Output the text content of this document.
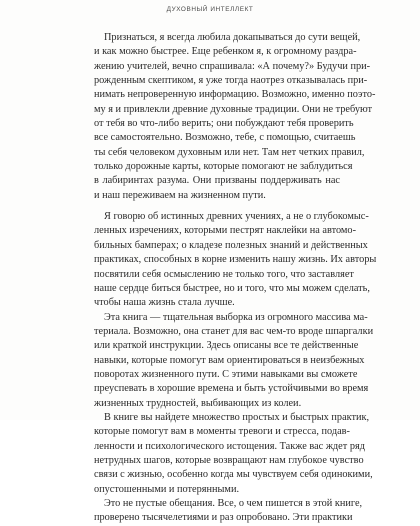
ДУХОВНЫЙ ИНТЕЛЛЕКТ
Признаться, я всегда любила докапываться до сути вещей,
и как можно быстрее. Еще ребенком я, к огромному раздра-
жению учителей, вечно спрашивала: «А почему?» Будучи при-
рожденным скептиком, я уже тогда наотрез отказывалась при-
нимать непроверенную информацию. Возможно, именно поэто-
му я и привлекли древние духовные традиции. Они не требуют
от тебя во что-либо верить; они побуждают тебя проверить
все самостоятельно. Возможно, тебе, с помощью, считаешь
ты себя человеком духовным или нет. Там нет четких правил,
только дорожные карты, которые помогают не заблудиться
в лабиринтах разума. Они призваны поддерживать нас
и наш переживаем на жизненном пути.
Я говорю об истинных древних учениях, а не о глубокомыс-
ленных изречениях, которыми пестрят наклейки на автомо-
бильных бамперах; о кладезе полезных знаний и действенных
практиках, способных в корне изменить нашу жизнь. Их авторы
посвятили себя осмыслению не только того, что заставляет
наше сердце биться быстрее, но и того, что мы можем сделать,
чтобы наша жизнь стала лучше.
Эта книга — тщательная выборка из огромного массива ма-
териала. Возможно, она станет для вас чем-то вроде шпаргалки
или краткой инструкции. Здесь описаны все те действенные
навыки, которые помогут вам ориентироваться в неизбежных
поворотах жизненного пути. С этими навыками вы сможете
преуспевать в хорошие времена и быть устойчивыми во время
жизненных трудностей, выбивающих из колеи.
В книге вы найдете множество простых и быстрых практик,
которые помогут вам в моменты тревоги и стресса, подав-
ленности и психологического истощения. Также вас ждет ряд
нетрудных шагов, которые возвращают нам глубокое чувство
связи с жизнью, особенно когда мы чувствуем себя одинокими,
опустошенными и потерянными.
Это не пустые обещания. Все, о чем пишется в этой книге,
проверено тысячелетиями и раз опробовано. Эти практики
